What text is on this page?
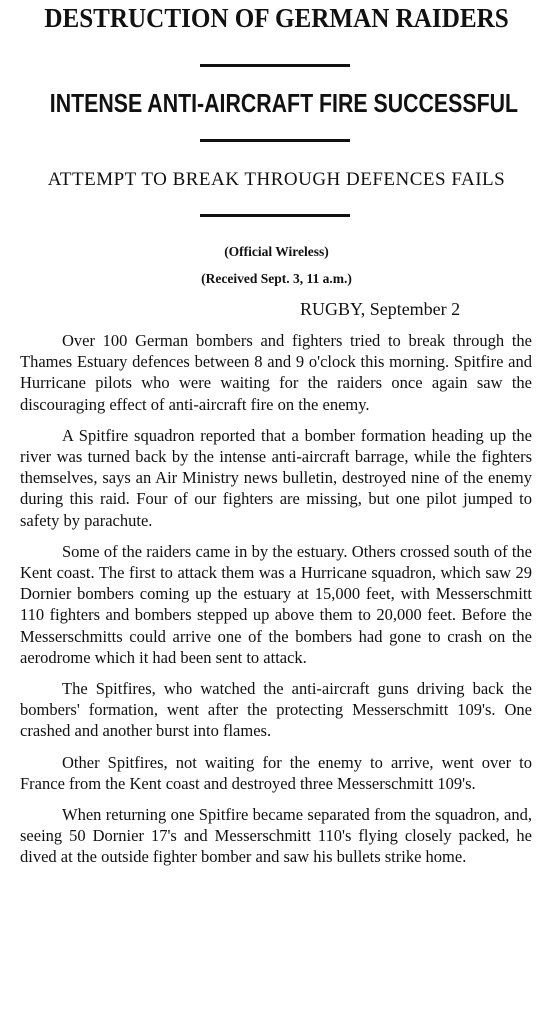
DESTRUCTION OF GERMAN RAIDERS
INTENSE ANTI-AIRCRAFT FIRE SUCCESSFUL
ATTEMPT TO BREAK THROUGH DEFENCES FAILS
(Official Wireless)
(Received Sept. 3, 11 a.m.)
RUGBY, September 2

Over 100 German bombers and fighters tried to break through the Thames Estuary defences between 8 and 9 o'clock this morning. Spitfire and Hurricane pilots who were waiting for the raiders once again saw the discouraging effect of anti-aircraft fire on the enemy.

A Spitfire squadron reported that a bomber formation heading up the river was turned back by the intense anti-aircraft barrage, while the fighters themselves, says an Air Ministry news bulletin, destroyed nine of the enemy during this raid. Four of our fighters are missing, but one pilot jumped to safety by parachute.

Some of the raiders came in by the estuary. Others crossed south of the Kent coast. The first to attack them was a Hurricane squadron, which saw 29 Dornier bombers coming up the estuary at 15,000 feet, with Messerschmitt 110 fighters and bombers stepped up above them to 20,000 feet. Before the Messerschmitts could arrive one of the bombers had gone to crash on the aerodrome which it had been sent to attack.

The Spitfires, who watched the anti-aircraft guns driving back the bombers' formation, went after the protecting Messerschmitt 109's. One crashed and another burst into flames.

Other Spitfires, not waiting for the enemy to arrive, went over to France from the Kent coast and destroyed three Messerschmitt 109's.

When returning one Spitfire became separated from the squadron, and, seeing 50 Dornier 17's and Messerschmitt 110's flying closely packed, he dived at the outside fighter bomber and saw his bullets strike home.
